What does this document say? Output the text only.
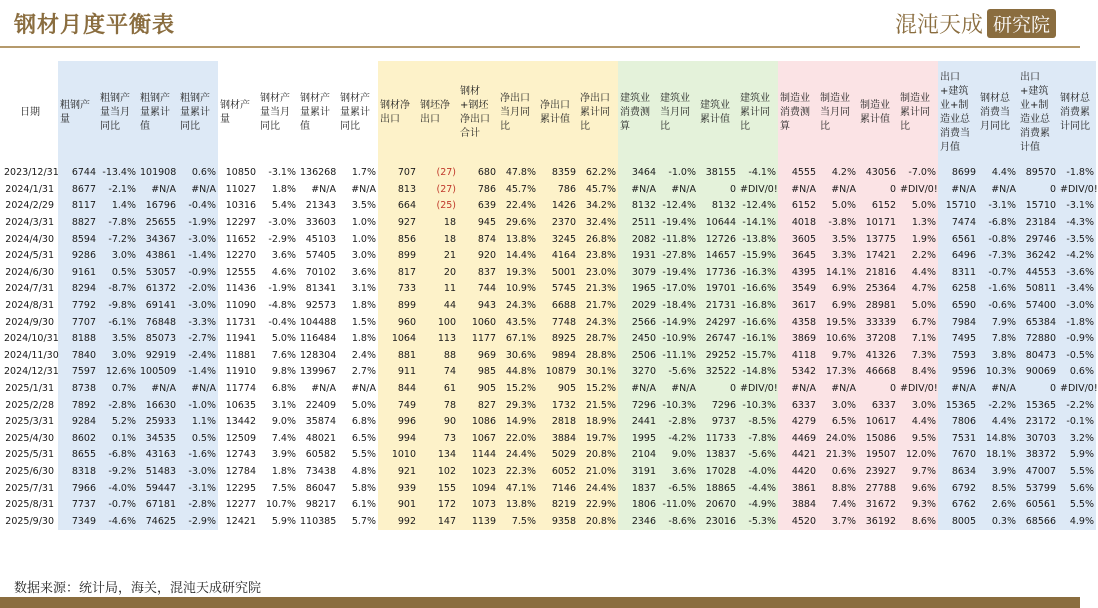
钢材月度平衡表	混沌天成 研究院
日期	粗钢产量	粗钢产量当月同比	粗钢产量累计值	粗钢产量累计同比	钢材产量	钢材产量当月同比	钢材产量累计值	钢材产量累计同比	钢材净出口	钢坯净出口	钢材+钢坯净出口合计	净出口当月同比	净出口累计值	净出口累计同比	建筑业消费测算	建筑业当月同比	建筑业累计值	建筑业累计同比	制造业消费测算	制造业当月同比	制造业累计值	制造业累计同比	出口+建筑业+制造业总消费当月值	钢材总消费当月同比	出口+建筑业+制造业总消费累计值	钢材总消费累计同比
2023/12/31	6744	-13.4%	101908	0.6%	10850	-3.1%	136268	1.7%	707	(27)	680	47.8%	8359	62.2%	3464	-1.0%	38155	-4.1%	4555	4.2%	43056	-7.0%	8699	4.4%	89570	-1.8%
2024/1/31	8677	-2.1%	#N/A	#N/A	11027	1.8%	#N/A	#N/A	813	(27)	786	45.7%	786	45.7%	#N/A	#N/A	0	#DIV/0!	#N/A	#N/A	0	#DIV/0!	#N/A	#N/A	0	#DIV/0!
2024/2/29	8117	1.4%	16796	-0.4%	10316	5.4%	21343	3.5%	664	(25)	639	22.4%	1426	34.2%	8132	-12.4%	8132	-12.4%	6152	5.0%	6152	5.0%	15710	-3.1%	15710	-3.1%
2024/3/31	8827	-7.8%	25655	-1.9%	12297	-3.0%	33603	1.0%	927	18	945	29.6%	2370	32.4%	2511	-19.4%	10644	-14.1%	4018	-3.8%	10171	1.3%	7474	-6.8%	23184	-4.3%
2024/4/30	8594	-7.2%	34367	-3.0%	11652	-2.9%	45103	1.0%	856	18	874	13.8%	3245	26.8%	2082	-11.8%	12726	-13.8%	3605	3.5%	13775	1.9%	6561	-0.8%	29746	-3.5%
2024/5/31	9286	3.0%	43861	-1.4%	12270	3.6%	57405	3.0%	899	21	920	14.4%	4164	23.8%	1931	-27.8%	14657	-15.9%	3645	3.3%	17421	2.2%	6496	-7.3%	36242	-4.2%
2024/6/30	9161	0.5%	53057	-0.9%	12555	4.6%	70102	3.6%	817	20	837	19.3%	5001	23.0%	3079	-19.4%	17736	-16.3%	4395	14.1%	21816	4.4%	8311	-0.7%	44553	-3.6%
2024/7/31	8294	-8.7%	61372	-2.0%	11436	-1.9%	81341	3.1%	733	11	744	10.9%	5745	21.3%	1965	-17.0%	19701	-16.6%	3549	6.9%	25364	4.7%	6258	-1.6%	50811	-3.4%
2024/8/31	7792	-9.8%	69141	-3.0%	11090	-4.8%	92573	1.8%	899	44	943	24.3%	6688	21.7%	2029	-18.4%	21731	-16.8%	3617	6.9%	28981	5.0%	6590	-0.6%	57400	-3.0%
2024/9/30	7707	-6.1%	76848	-3.3%	11731	-0.4%	104488	1.5%	960	100	1060	43.5%	7748	24.3%	2566	-14.9%	24297	-16.6%	4358	19.5%	33339	6.7%	7984	7.9%	65384	-1.8%
2024/10/31	8188	3.5%	85073	-2.7%	11941	5.0%	116484	1.8%	1064	113	1177	67.1%	8925	28.7%	2450	-10.9%	26747	-16.1%	3869	10.6%	37208	7.1%	7495	7.8%	72880	-0.9%
2024/11/30	7840	3.0%	92919	-2.4%	11881	7.6%	128304	2.4%	881	88	969	30.6%	9894	28.8%	2506	-11.1%	29252	-15.7%	4118	9.7%	41326	7.3%	7593	3.8%	80473	-0.5%
2024/12/31	7597	12.6%	100509	-1.4%	11910	9.8%	139967	2.7%	911	74	985	44.8%	10879	30.1%	3270	-5.6%	32522	-14.8%	5342	17.3%	46668	8.4%	9596	10.3%	90069	0.6%
2025/1/31	8738	0.7%	#N/A	#N/A	11774	6.8%	#N/A	#N/A	844	61	905	15.2%	905	15.2%	#N/A	#N/A	0	#DIV/0!	#N/A	#N/A	0	#DIV/0!	#N/A	#N/A	0	#DIV/0!
2025/2/28	7892	-2.8%	16630	-1.0%	10635	3.1%	22409	5.0%	749	78	827	29.3%	1732	21.5%	7296	-10.3%	7296	-10.3%	6337	3.0%	6337	3.0%	15365	-2.2%	15365	-2.2%
2025/3/31	9284	5.2%	25933	1.1%	13442	9.0%	35874	6.8%	996	90	1086	14.9%	2818	18.9%	2441	-2.8%	9737	-8.5%	4279	6.5%	10617	4.4%	7806	4.4%	23172	-0.1%
2025/4/30	8602	0.1%	34535	0.5%	12509	7.4%	48021	6.5%	994	73	1067	22.0%	3884	19.7%	1995	-4.2%	11733	-7.8%	4469	24.0%	15086	9.5%	7531	14.8%	30703	3.2%
2025/5/31	8655	-6.8%	43163	-1.6%	12743	3.9%	60582	5.5%	1010	134	1144	24.4%	5029	20.8%	2104	9.0%	13837	-5.6%	4421	21.3%	19507	12.0%	7670	18.1%	38372	5.9%
2025/6/30	8318	-9.2%	51483	-3.0%	12784	1.8%	73438	4.8%	921	102	1023	22.3%	6052	21.0%	3191	3.6%	17028	-4.0%	4420	0.6%	23927	9.7%	8634	3.9%	47007	5.5%
2025/7/31	7966	-4.0%	59447	-3.1%	12295	7.5%	86047	5.8%	939	155	1094	47.1%	7146	24.4%	1837	-6.5%	18865	-4.4%	3861	8.8%	27788	9.6%	6792	8.5%	53799	5.6%
2025/8/31	7737	-0.7%	67181	-2.8%	12277	10.7%	98217	6.1%	901	172	1073	13.8%	8219	22.9%	1806	-11.0%	20670	-4.9%	3884	7.4%	31672	9.3%	6762	2.6%	60561	5.5%
2025/9/30	7349	-4.6%	74625	-2.9%	12421	5.9%	110385	5.7%	992	147	1139	7.5%	9358	20.8%	2346	-8.6%	23016	-5.3%	4520	3.7%	36192	8.6%	8005	0.3%	68566	4.9%
数据来源：统计局，海关，混沌天成研究院
